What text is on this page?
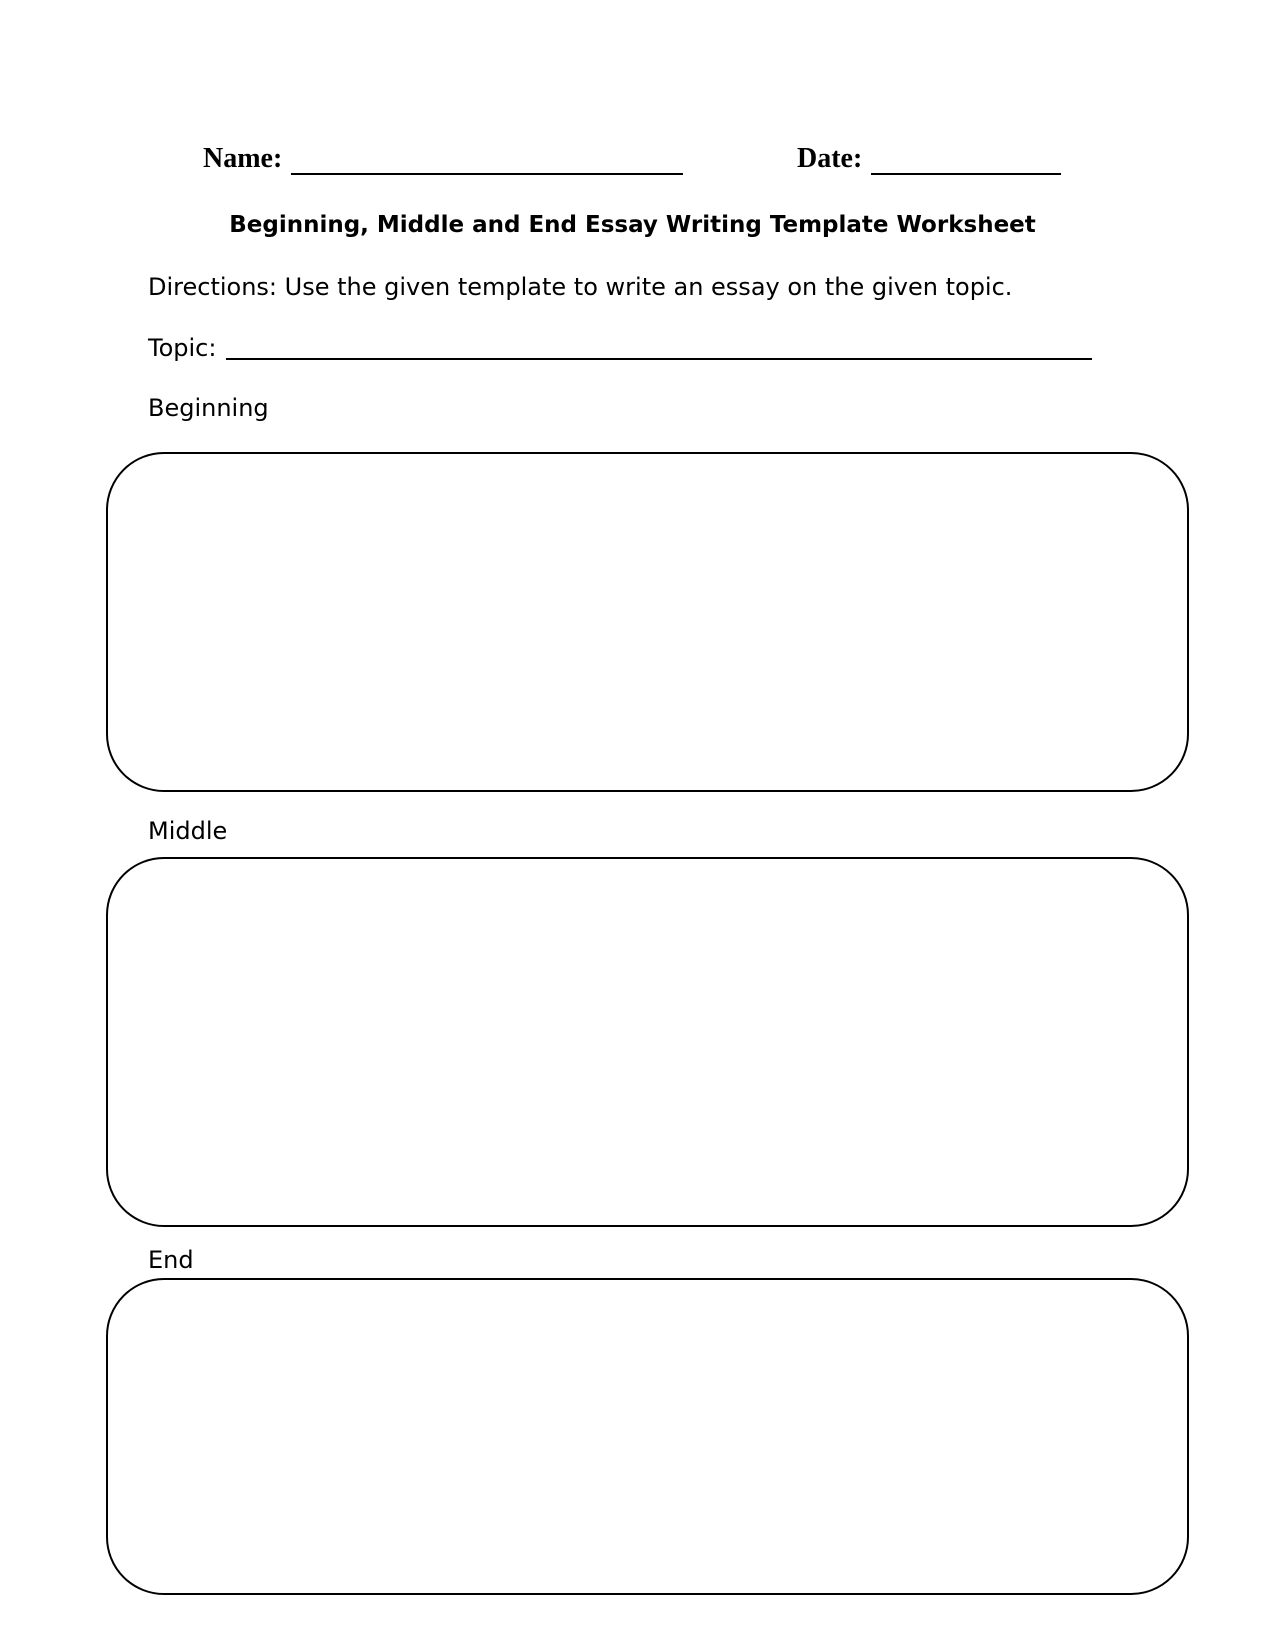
Name:	Date:
Beginning, Middle and End Essay Writing Template Worksheet
Directions: Use the given template to write an essay on the given topic.
Topic:
Beginning
Middle
End
